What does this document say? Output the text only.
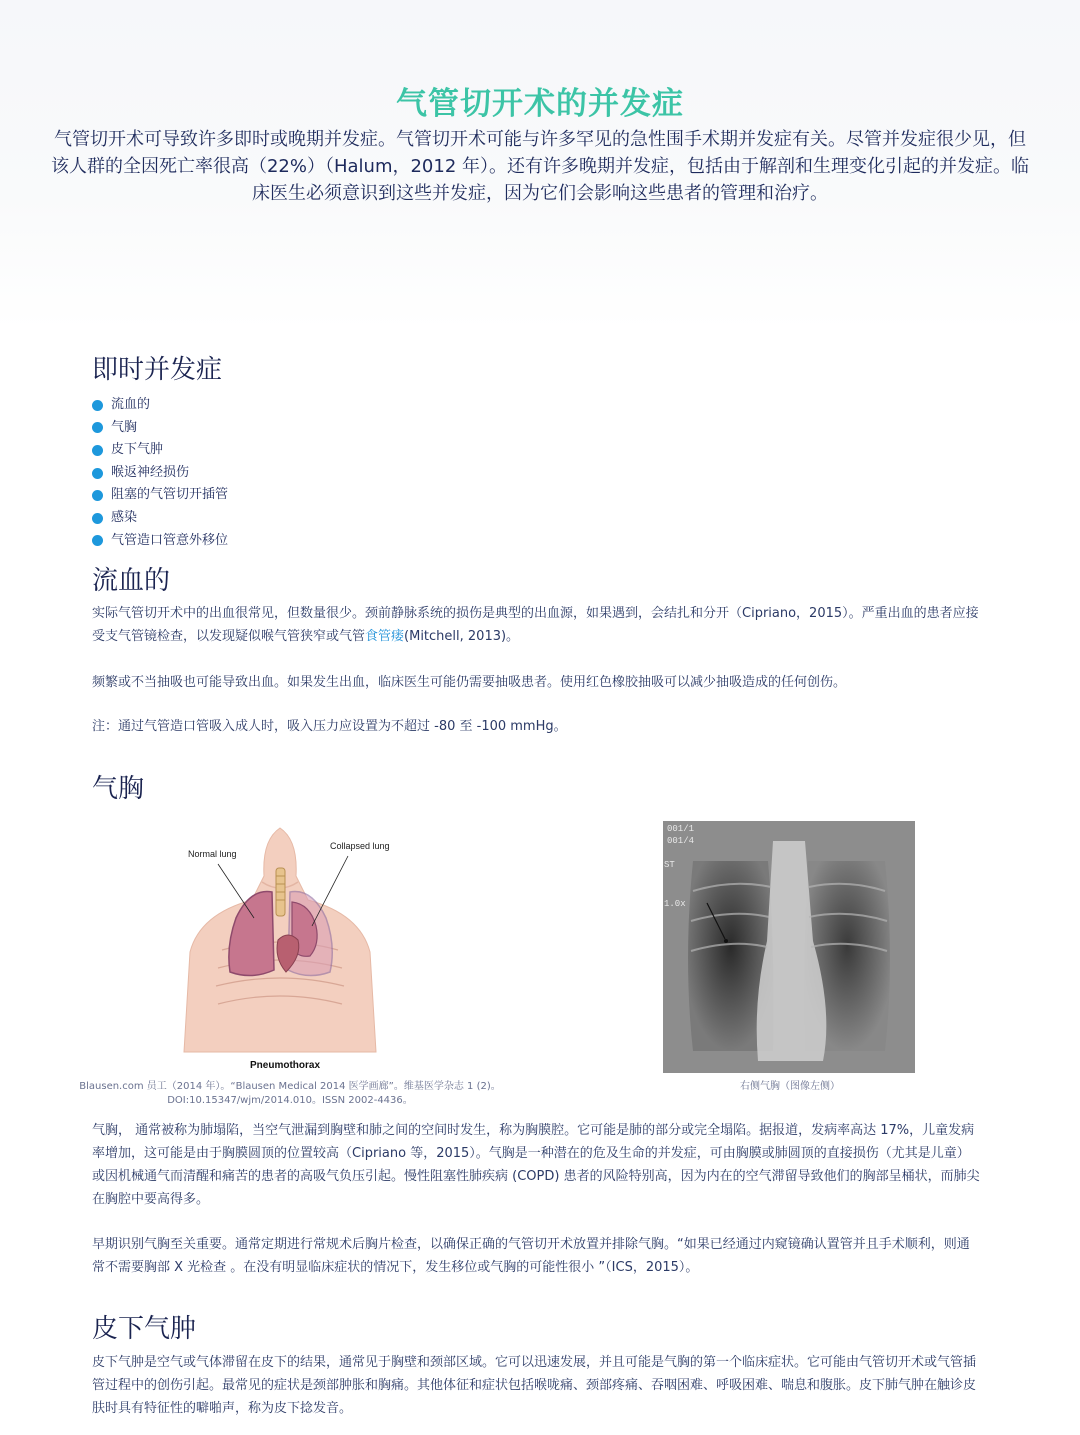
气管切开术的并发症

气管切开术可导致许多即时或晚期并发症。气管切开术可能与许多罕见的急性围手术期并发症有关。尽管并发症很少见，但该人群的全因死亡率很高（22%）（Halum，2012 年）。还有许多晚期并发症，包括由于解剖和生理变化引起的并发症。临床医生必须意识到这些并发症，因为它们会影响这些患者的管理和治疗。

即时并发症
流血的
气胸
皮下气肿
喉返神经损伤
阻塞的气管切开插管
感染
气管造口管意外移位
流血的

实际气管切开术中的出血很常见，但数量很少。颈前静脉系统的损伤是典型的出血源，如果遇到，会结扎和分开（Cipriano，2015）。严重出血的患者应接受支气管镜检查，以发现疑似喉气管狭窄或气管食管瘘(Mitchell, 2013)。

频繁或不当抽吸也可能导致出血。如果发生出血，临床医生可能仍需要抽吸患者。使用红色橡胶抽吸可以减少抽吸造成的任何创伤。

注：通过气管造口管吸入成人时，吸入压力应设置为不超过 -80 至 -100 mmHg。

气胸
Normal lung
Collapsed lung
Pneumothorax
Blausen.com 员工（2014 年）。“Blausen Medical 2014 医学画廊”。维基医学杂志 1 (2)。
DOI:10.15347/wjm/2014.010。ISSN 2002-4436。
001/1
001/4
ST
1.0x
右侧气胸（图像左侧）

气胸， 通常被称为肺塌陷，当空气泄漏到胸壁和肺之间的空间时发生，称为胸膜腔。它可能是肺的部分或完全塌陷。据报道，发病率高达 17%，儿童发病率增加，这可能是由于胸膜圆顶的位置较高（Cipriano 等，2015）。气胸是一种潜在的危及生命的并发症，可由胸膜或肺圆顶的直接损伤（尤其是儿童）或因机械通气而清醒和痛苦的患者的高吸气负压引起。慢性阻塞性肺疾病 (COPD) 患者的风险特别高，因为内在的空气滞留导致他们的胸部呈桶状，而肺尖在胸腔中要高得多。

早期识别气胸至关重要。通常定期进行常规术后胸片检查，以确保正确的气管切开术放置并排除气胸。“如果已经通过内窥镜确认置管并且手术顺利，则通常不需要胸部 X 光检查 。在没有明显临床症状的情况下，发生移位或气胸的可能性很小 ”（ICS，2015）。

皮下气肿

皮下气肿是空气或气体滞留在皮下的结果，通常见于胸壁和颈部区域。它可以迅速发展，并且可能是气胸的第一个临床症状。它可能由气管切开术或气管插管过程中的创伤引起。最常见的症状是颈部肿胀和胸痛。其他体征和症状包括喉咙痛、颈部疼痛、吞咽困难、呼吸困难、喘息和腹胀。皮下肺气肿在触诊皮肤时具有特征性的噼啪声，称为皮下捻发音。
